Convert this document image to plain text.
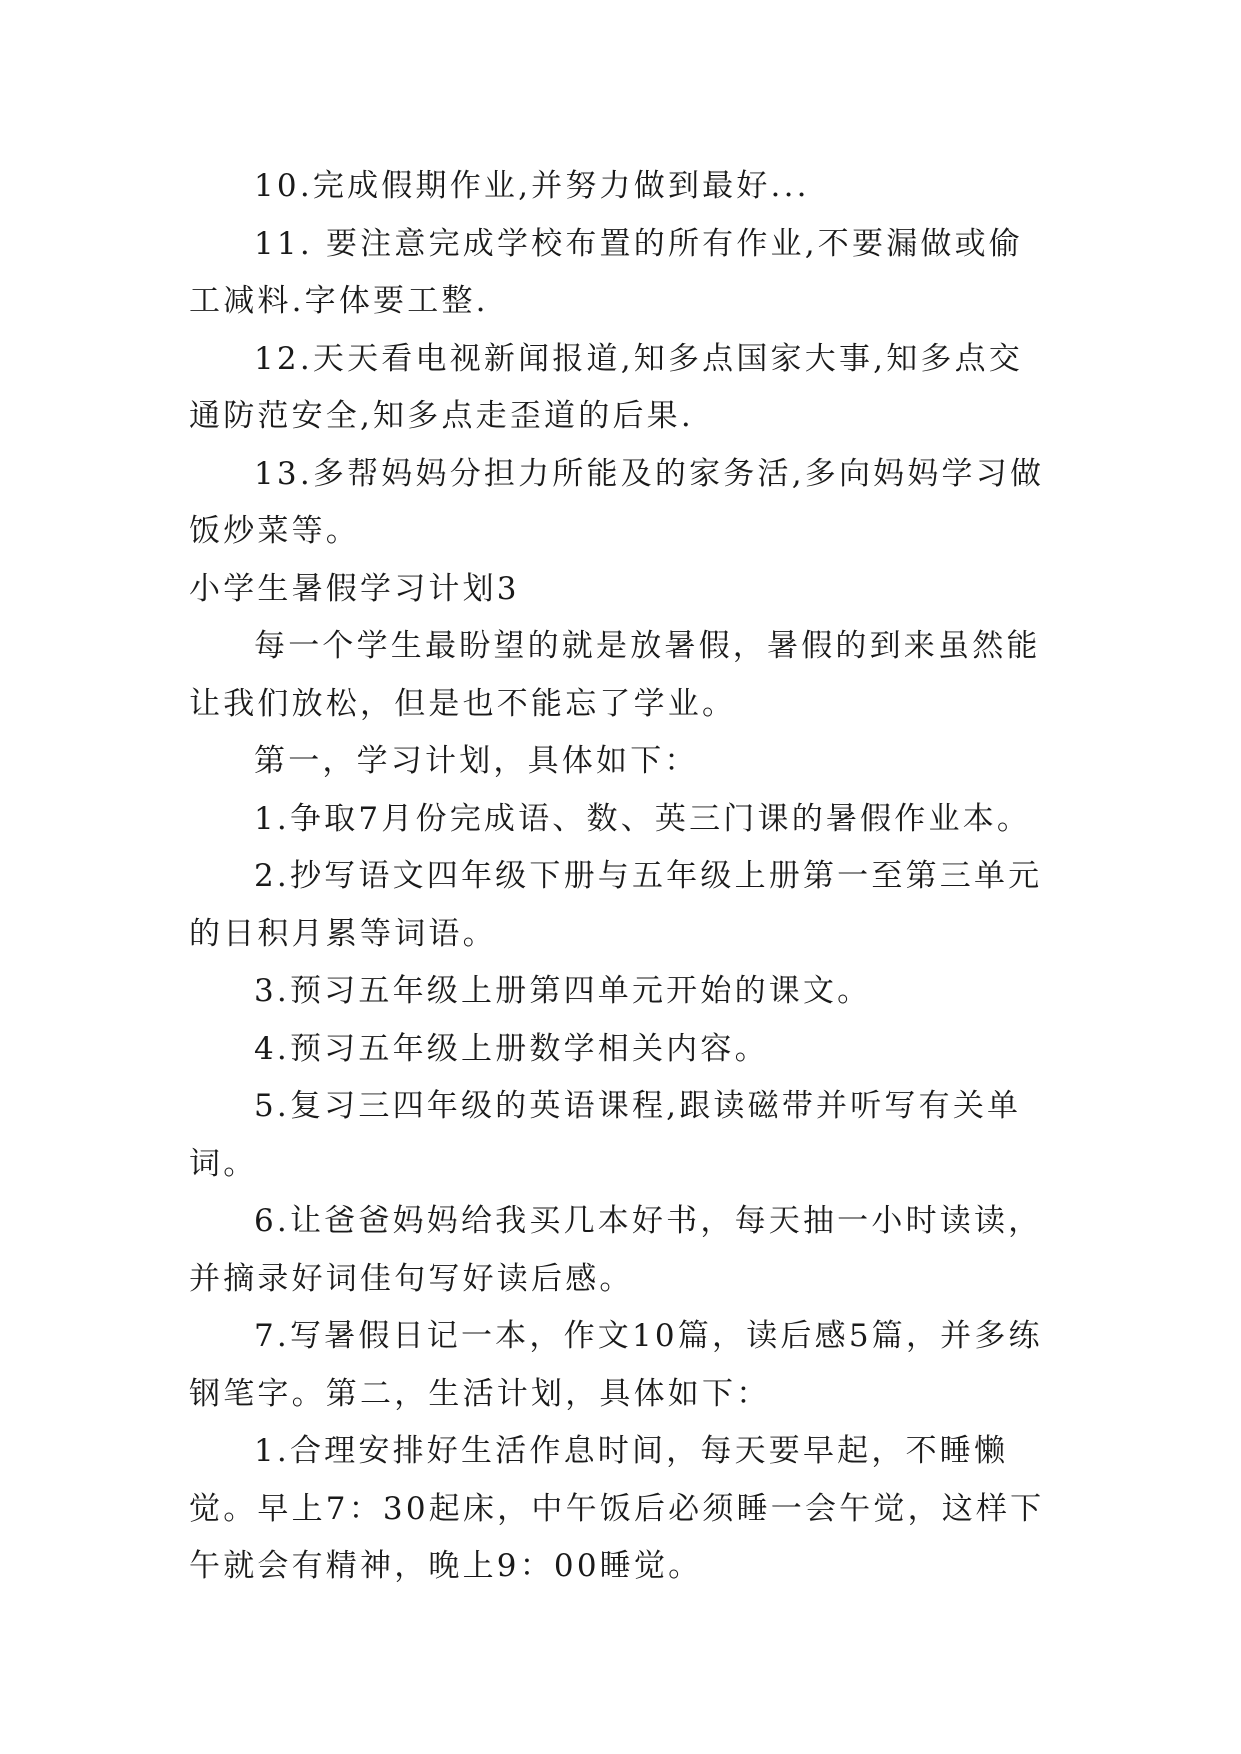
10.完成假期作业,并努力做到最好...

11. 要注意完成学校布置的所有作业,不要漏做或偷工减料.字体要工整.

12.天天看电视新闻报道,知多点国家大事,知多点交通防范安全,知多点走歪道的后果.

13.多帮妈妈分担力所能及的家务活,多向妈妈学习做饭炒菜等。

小学生暑假学习计划3

每一个学生最盼望的就是放暑假，暑假的到来虽然能让我们放松，但是也不能忘了学业。

第一，学习计划，具体如下：

1.争取7月份完成语、数、英三门课的暑假作业本。

2.抄写语文四年级下册与五年级上册第一至第三单元的日积月累等词语。

3.预习五年级上册第四单元开始的课文。

4.预习五年级上册数学相关内容。

5.复习三四年级的英语课程,跟读磁带并听写有关单词。

6.让爸爸妈妈给我买几本好书，每天抽一小时读读，并摘录好词佳句写好读后感。

7.写暑假日记一本，作文10篇，读后感5篇，并多练钢笔字。第二，生活计划，具体如下：

1.合理安排好生活作息时间，每天要早起，不睡懒觉。早上7：30起床，中午饭后必须睡一会午觉，这样下午就会有精神，晚上9：00睡觉。
